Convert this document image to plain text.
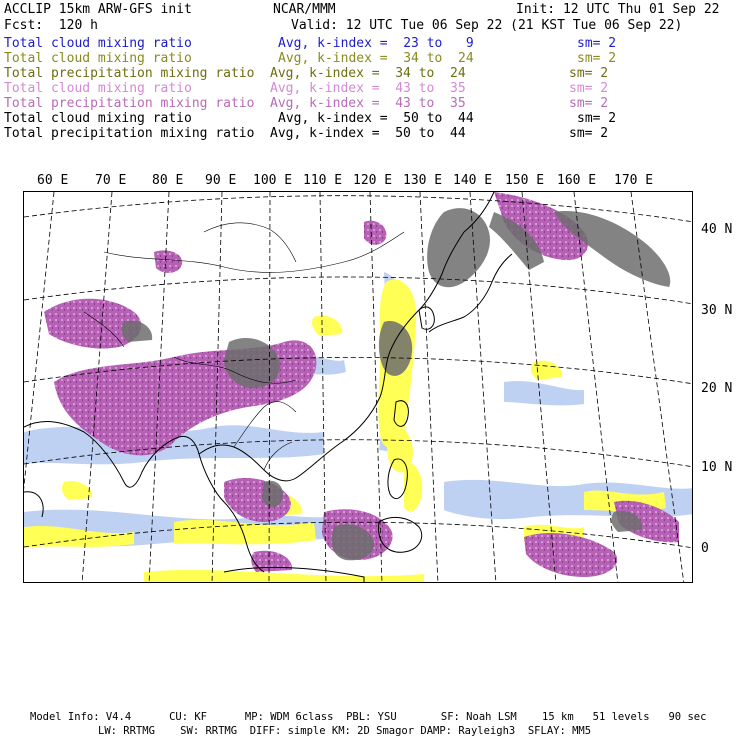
ACCLIP 15km ARW-GFS init	NCAR/MMM	Init: 12 UTC Thu 01 Sep 22
Fcst:  120 h	Valid: 12 UTC Tue 06 Sep 22 (21 KST Tue 06 Sep 22)
Total cloud mixing ratio	Avg, k-index =  23 to   9	sm= 2
Total cloud mixing ratio	Avg, k-index =  34 to  24	sm= 2
Total precipitation mixing ratio Avg, k-index =  34 to  24	sm= 2
Total cloud mixing ratio	Avg, k-index =  43 to  35	sm= 2
Total precipitation mixing ratio Avg, k-index =  43 to  35	sm= 2
Total cloud mixing ratio	Avg, k-index =  50 to  44	sm= 2
Total precipitation mixing ratio Avg, k-index =  50 to  44	sm= 2
60 E 70 E 80 E 90 E 100 E 110 E 120 E 130 E 140 E 150 E 160 E 170 E
40 N
30 N
20 N
10 N
0
Model Info: V4.4      CU: KF      MP: WDM 6class  PBL: YSU       SF: Noah LSM    15 km   51 levels   90 sec
LW: RRTMG    SW: RRTMG  DIFF: simple KM: 2D Smagor DAMP: Rayleigh3  SFLAY: MM5
